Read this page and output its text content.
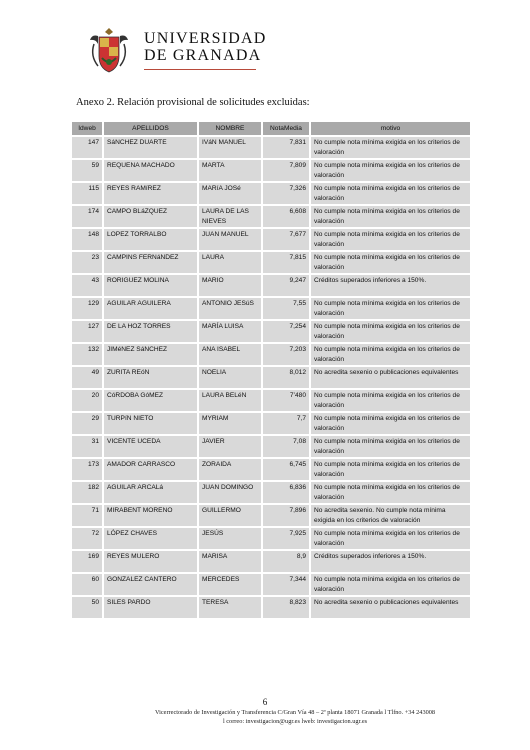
UNIVERSIDAD
DE GRANADA
Anexo 2. Relación provisional de solicitudes excluidas:
Idweb	APELLIDOS	NOMBRE	NotaMedia	motivo
147	SáNCHEZ DUARTE	IVáN MANUEL	7,831	No cumple nota mínima exigida en los criterios de valoración
59	REQUENA MACHADO	MARTA	7,809	No cumple nota mínima exigida en los criterios de valoración
115	REYES RAMíREZ	MARíA JOSé	7,326	No cumple nota mínima exigida en los criterios de valoración
174	CAMPO BLáZQUEZ	LAURA DE LAS NIEVES	6,608	No cumple nota mínima exigida en los criterios de valoración
148	LOPEZ TORRALBO	JUAN MANUEL	7,677	No cumple nota mínima exigida en los criterios de valoración
23	CAMPINS FERNáNDEZ	LAURA	7,815	No cumple nota mínima exigida en los criterios de valoración
43	RORIGUEZ MOLINA	MARIO	9,247	Créditos superados inferiores a 150%.
129	AGUILAR AGUILERA	ANTONIO JESúS	7,55	No cumple nota mínima exigida en los criterios de valoración
127	DE LA HOZ TORRES	MARÍA LUISA	7,254	No cumple nota mínima exigida en los criterios de valoración
132	JIMéNEZ SáNCHEZ	ANA ISABEL	7,203	No cumple nota mínima exigida en los criterios de valoración
49	ZURITA REóN	NOELIA	8,012	No acredita sexenio o publicaciones equivalentes
20	CóRDOBA GóMEZ	LAURA BELéN	7’480	No cumple nota mínima exigida en los criterios de valoración
29	TURPíN NIETO	MYRIAM	7,7	No cumple nota mínima exigida en los criterios de valoración
31	VICENTE UCEDA	JAVIER	7,08	No cumple nota mínima exigida en los criterios de valoración
173	AMADOR CARRASCO	ZORAIDA	6,745	No cumple nota mínima exigida en los criterios de valoración
182	AGUILAR ARCALá	JUAN DOMINGO	6,836	No cumple nota mínima exigida en los criterios de valoración
71	MIRABENT MORENO	GUILLERMO	7,896	No acredita sexenio. No cumple nota mínima exigida en los criterios de valoración
72	LÓPEZ CHAVES	JESÚS	7,925	No cumple nota mínima exigida en los criterios de valoración
169	REYES MULERO	MARISA	8,9	Créditos superados inferiores a 150%.
60	GONZALEZ CANTERO	MERCEDES	7,344	No cumple nota mínima exigida en los criterios de valoración
50	SILES PARDO	TERESA	8,823	No acredita sexenio o publicaciones equivalentes
6
Vicerrectorado de Investigación y Transferencia C/Gran Vía 48 – 2ª planta 18071 Granada l Tlfno. +34 243008
l correo: investigacion@ugr.es lweb: investigacion.ugr.es
